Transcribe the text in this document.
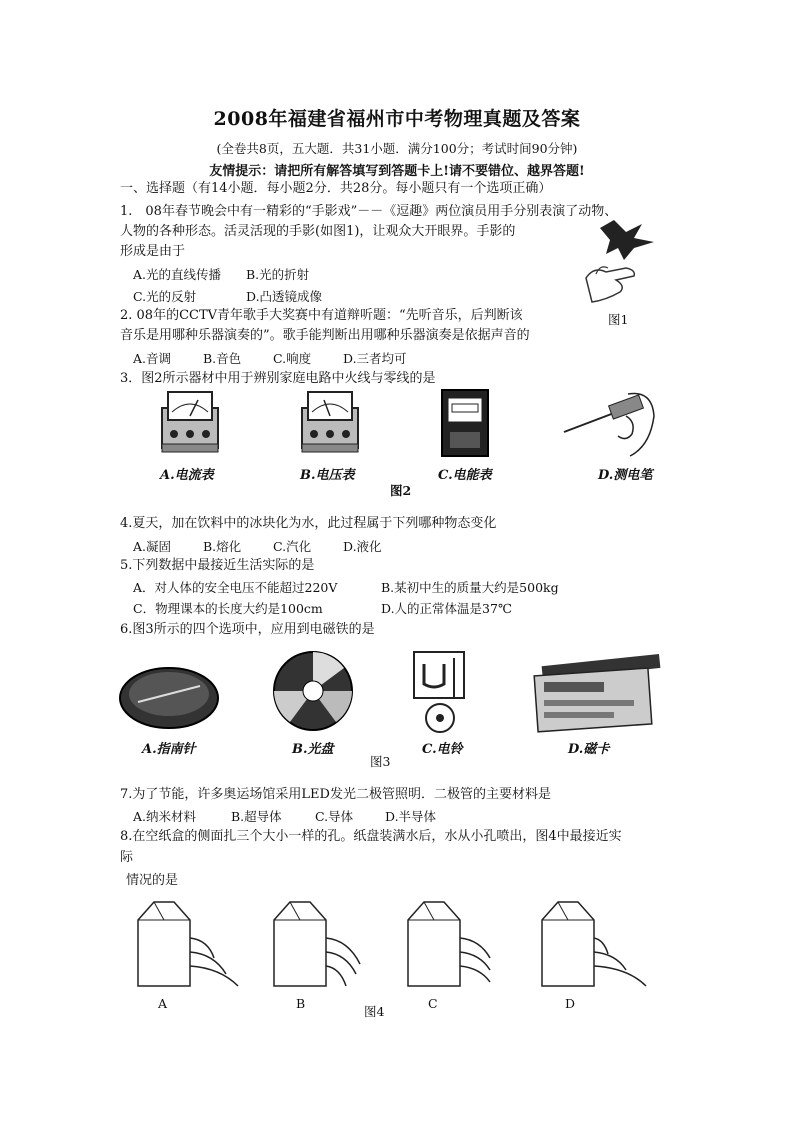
2008年福建省福州市中考物理真题及答案
(全卷共8页，五大题．共31小题．满分100分；考试时间90分钟)
友情提示：请把所有解答填写到答题卡上!请不要错位、越界答题!
一、选择题（有14小题．每小题2分．共28分。每小题只有一个选项正确）
1.　08年春节晚会中有一精彩的“手影戏”－－《逗趣》两位演员用手分别表演了动物、
人物的各种形态。活灵活现的手影(如图1)，让观众大开眼界。手影的
形成是由于
A.光的直线传播 B.光的折射
C.光的反射	D.凸透镜成像
图1
2. 08年的CCTV青年歌手大奖赛中有道辩听题：“先听音乐，后判断该
音乐是用哪种乐器演奏的”。歌手能判断出用哪种乐器演奏是依据声音的
A.音调	B.音色	C.响度	D.三者均可
3．图2所示器材中用于辨别家庭电路中火线与零线的是
A.电流表	B.电压表	C.电能表	D.测电笔
图2
4.夏天，加在饮料中的冰块化为水，此过程属于下列哪种物态变化
A.凝固	B.熔化	C.汽化	D.液化
5.下列数据中最接近生活实际的是
A．对人体的安全电压不能超过220V	B.某初中生的质量大约是500kg
C．物理课本的长度大约是100cm	D.人的正常体温是37℃
6.图3所示的四个选项中，应用到电磁铁的是
A.指南针	B.光盘	C.电铃	D.磁卡
图3
7.为了节能，许多奥运场馆采用LED发光二极管照明．二极管的主要材料是
A.纳米材料	B.超导体	C.导体	D.半导体
8.在空纸盒的侧面扎三个大小一样的孔。纸盘装满水后，水从小孔喷出，图4中最接近实
际
情况的是
A	B	C	D
图4
